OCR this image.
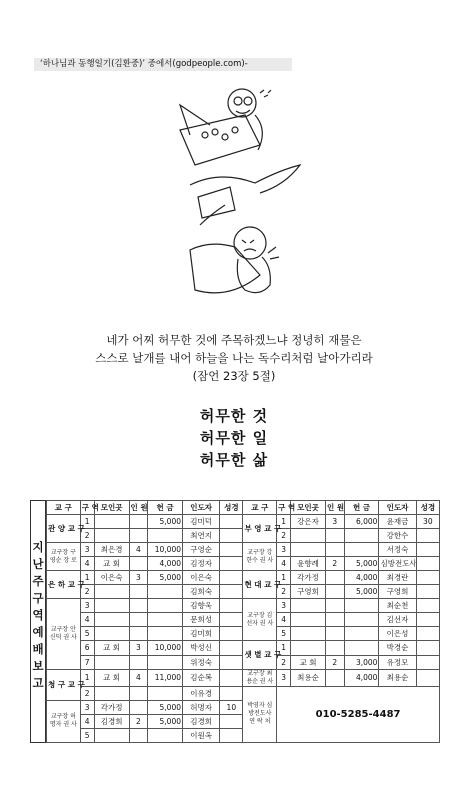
‘하나님과 동행일기(김환중)’ 중에서(godpeople.com)-
네가 어찌 허무한 것에 주목하겠느냐 정녕히 재물은
스스로 날개를 내어 하늘을 나는 독수리처럼 날아가리라
(잠언 23장 5절)
허무한 것
허무한 일
허무한 삶
지
난
주
구
역
예
배
보
고
교 구	구 역	모인곳	인 원	헌 금	인도자	성경	교 구	구 역	모인곳	인 원	헌 금	인도자	성경
관 양 교 구	1			5,000	김미덕		부 영 교 구	1	강은자	3	6,000	윤재금	30
	2				최연지			2				강한수	
교구장 구영순 장 로	3	최은경	4	10,000	구영순		교구장 강한수 권 사	3				서정숙	
	4	교 회		4,000	김정자			4	윤향례	2	5,000	심방전도사	
은 하 교 구	1	이은숙	3	5,000	이은숙		현 대 교 구	1	각가정		4,000	최경란	
	2				김희숙			2	구영희		5,000	구영희	
교구장 안신덕 권 사	3				김향욱		교구장 김선자 권 사	3				최순천	
	4				문희성			4				김선자	
	5				김미희			5				이은성	
	6	교 회	3	10,000	박성신		샛 별 교 구	1				박경순	
	7				위정숙			2	교 회	2	3,000	유정모	
청 구 교 구	1	교 회	4	11,000	김순복		교구장 최용순 권 사	3	최용순		4,000	최용순	
	2				이유경		박영자 심방전도사 연 락 처	010-5285-4487					
교구장 허명자 권 사	3	각가정		5,000	허명자	10							
	4	김경희	2	5,000	김경희								
	5				이원옥								
